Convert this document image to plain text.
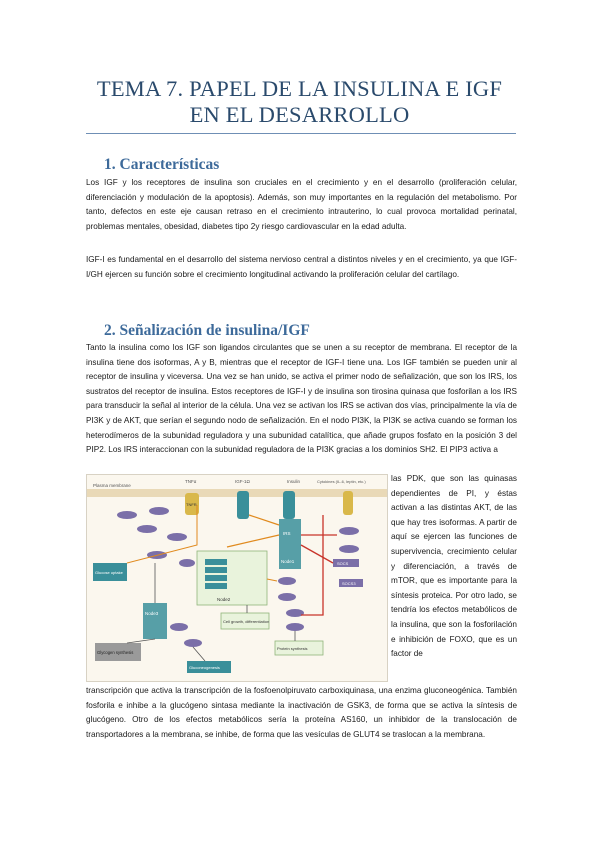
TEMA 7. PAPEL DE LA INSULINA E IGF
EN EL DESARROLLO
1. Características
Los IGF y los receptores de insulina son cruciales en el crecimiento y en el desarrollo (proliferación celular, diferenciación y modulación de la apoptosis). Además, son muy importantes en la regulación del metabolismo. Por tanto, defectos en este eje causan retraso en el crecimiento intrauterino, lo cual provoca mortalidad perinatal, problemas mentales, obesidad, diabetes tipo 2y riesgo cardiovascular en la edad adulta.
IGF-I es fundamental en el desarrollo del sistema nervioso central a distintos niveles y en el crecimiento, ya que IGF-I/GH ejercen su función sobre el crecimiento longitudinal activando la proliferación celular del cartílago.
2. Señalización de insulina/IGF
Tanto la insulina como los IGF son ligandos circulantes que se unen a su receptor de membrana. El receptor de la insulina tiene dos isoformas, A y B, mientras que el receptor de IGF-I tiene una. Los IGF también se pueden unir al receptor de insulina y viceversa. Una vez se han unido, se activa el primer nodo de señalización, que son los IRS, los sustratos del receptor de insulina. Estos receptores de IGF-I y de insulina son tirosina quinasa que fosforilan a los IRS para transducir la señal al interior de la célula. Una vez se activan los IRS se activan dos vías, principalmente la vía de PI3K y de AKT, que serían el segundo nodo de señalización. En el nodo PI3K, la PI3K se activa cuando se forman los heterodímeros de la subunidad reguladora y una subunidad catalítica, que añade grupos fosfato en la posición 3 del PIP2. Los IRS interaccionan con la subunidad reguladora de la PI3K gracias a los dominios SH2. El PIP3 activa a
las PDK, que son las quinasas dependientes de PI, y éstas activan a las distintas AKT, de las que hay tres isoformas. A partir de aquí se ejercen las funciones de supervivencia, crecimiento celular y diferenciación, a través de mTOR, que es importante para la síntesis proteica. Por otro lado, se tendría los efectos metabólicos de la insulina, que son la fosforilación e inhibición de FOXO, que es un factor de
Plasma membrane
TNFα	IGF-1Ω	Insulin	Cytokines (IL-6, leptin, etc.)
TNFR
IRS
Node1
Node2
Glucose uptake
Node3
Glycogen synthesis
Cell growth, differentiation
Protein synthesis
Gluconeogenesis
SOCS
SOCS3
transcripción que activa la transcripción de la fosfoenolpiruvato carboxiquinasa, una enzima gluconeogénica. También fosforila e inhibe a la glucógeno sintasa mediante la inactivación de GSK3, de forma que se activa la síntesis de glucógeno. Otro de los efectos metabólicos sería la proteína AS160, un inhibidor de la translocación de transportadores a la membrana, se inhibe, de forma que las vesículas de GLUT4 se traslocan a la membrana.
